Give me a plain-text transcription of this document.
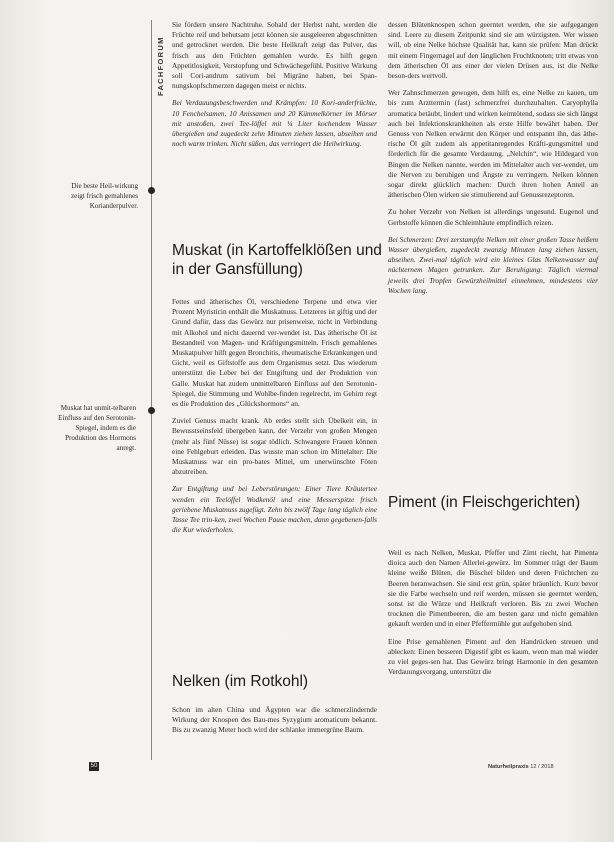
FACHFORUM
Die beste Heil-wirkung zeigt frisch gemahlenes Korianderpulver.
Muskat hat unmit-telbaren Einfluss auf den Serotonin-Spiegel, indem es die Produktion des Hormons anregt.

Sie fördern unsere Nachtruhe. Sobald der Herbst naht, werden die Früchte reif und behutsam jetzt können sie ausgeleeren abgeschnitten und getrocknet werden. Die beste Heilkraft zeigt das Pulver, das frisch aus den Früchten gemahlen wurde. Es hilft gegen Appetitlosigkeit, Verstopfung und Schwächegefühl. Positive Wirkung soll Cori-andrum sativum bei Migräne haben, bei Span-nungskopfschmerzen dagegen meist er nichts.

Bei Verdauungsbeschwerden und Krämpfen: 10 Kori-anderfrüchte, 10 Fenchelsamen, 10 Anissamen und 20 Kümmelkörner im Mörser mit anstoßen, zwei Tee-löffel mit ¼ Liter kochendem Wasser übergießen und zugedeckt zehn Minuten ziehen lassen, abseihen und noch warm trinken. Nicht süßen, das verringert die Heilwirkung.

Muskat (in Kartoffelklößen und in der Gansfüllung)

Fettes und ätherisches Öl, verschiedene Terpene und etwa vier Prozent Myristicin enthält die Muskatnuss. Letzteres ist giftig und der Grund dafür, dass das Gewürz nur prisenweise, nicht in Verbindung mit Alkohol und nicht dauernd ver-wendet ist. Das ätherische Öl ist Bestandteil von Magen- und Kräftigungsmitteln. Frisch gemahlenes Muskatpulver hilft gegen Bronchitis, rheumatische Erkrankungen und Gicht, weil es Giftstoffe aus dem Organismus setzt. Das wiederum unterstützt die Leber bei der Entgiftung und der Produktion von Galle. Muskat hat zudem unmittelbaren Einfluss auf den Serotonin-Spiegel, die Stimmung und Wohlbe-finden regelrecht, im Gehirn regt es die Produktion des „Glückshormons“ an.

Zuviel Genuss macht krank. Ab erdes stellt sich Übelkeit ein, in Bewusstseinsfeld übergeben kann, der Verzehr von großen Mengen (mehr als fünf Nüsse) ist sogar tödlich. Schwangere Frauen können eine Fehlgeburt erleiden. Das wusste man schon im Mittelalter: Die Muskatnuss war ein pro-bates Mittel, um unerwünschte Föten abzutreiben.

Zur Entgiftung und bei Leberstörungen: Einer Tiere Kräutertee wenden ein Teelöffel Wodkenöl und eine Messerspitze frisch geriebene Muskatnuss zugefügt. Zehn bis zwölf Tage lang täglich eine Tasse Tee trin-ken, zwei Wochen Pause machen, dann gegebenen-falls die Kur wiederholen.

Nelken (im Rotkohl)

Schon im alten China und Ägypten war die schmerzlindernde Wirkung der Knospen des Bau-mes Syzygium aromaticum bekannt. Bis zu zwanzig Meter hoch wird der schlanke immergrüne Baum.

dessen Blütenknospen schon geerntet werden, ehe sie aufgegangen sind. Leere zu diesem Zeitpunkt sind sie am würzigsten. Wer wissen will, ob eine Nelke höchste Qualität hat, kann sie prüfen: Man drückt mit einem Fingernagel auf den länglichen Fruchtknoten; tritt etwas von dem ätherischen Öl aus einer der vielen Drüsen aus, ist die Nelke beson-ders wertvoll.

Wer Zahnschmerzen gewogen, dem hilft es, eine Nelke zu kauen, um bis zum Arzttermin (fast) schmerzfrei durchzuhalten. Caryophylla aromatica betäubt, lindert und wirken keimtötend, sodass sie sich längst auch bei Infektionskrankheiten als erste Hilfe bewährt haben. Der Genuss von Nelken erwärmt den Körper und entspannt ihn, das äthe-rische Öl gilt zudem als appetitanregendes Kräfti-gungsmittel und förderlich für die gesamte Verdauung. „Nelchin“, wie Hildegard von Bingen die Nelken nannte, werden im Mittelalter auch ver-wendet, um die Nerven zu beruhigen und Ängste zu verringern. Nelken können sogar direkt glücklich machen: Durch ihren hohen Anteil an ätherischen Ölen wirken sie stimulierend auf Genussrezeptoren.

Zu hoher Verzehr von Nelken ist allerdings ungesund. Eugenol und Gerbstoffe können die Schleimhäute empfindlich reizen.

Bei Schmerzen: Drei zerstampfte Nelken mit einer großen Tasse heißem Wasser übergießen, zugedeckt zwanzig Minuten lang ziehen lassen, abseihen. Zwei-mal täglich wird ein kleines Glas Nelkenwasser auf nüchternem Magen getrunken. Zur Beruhigung: Täglich viermal jeweils drei Tropfen Gewürzheilmittel einnehmen, mindestens vier Wochen lang.

Piment (in Fleischgerichten)

Weil es nach Nelken, Muskat, Pfeffer und Zimt riecht, hat Pimenta dioica auch den Namen Allerlei-gewürz. Im Sommer trägt der Baum kleine weiße Blüten, die Büschel bilden und deren Früchtchen zu Beeren heranwachsen. Sie sind erst grün, später bräunlich. Kurz bevor sie die Farbe wechseln und reif werden, müssen sie geerntet werden, sonst ist die Würze und Heilkraft verloren. Bis zu zwei Wochen trocknen die Pimentbeeren, die am besten ganz und nicht gemahlen gekauft werden und in einer Pfeffermühle gut aufgehoben sind.

Eine Prise gemahlenen Piment auf den Handrücken streuen und ablecken: Einen besseren Digestif gibt es kaum, wenn man mal wieder zu viel geges-sen hat. Das Gewürz bringt Harmonie in den gesamten Verdauungsvorgang, unterstützt die

50	Naturheilpraxis 12 / 2018
